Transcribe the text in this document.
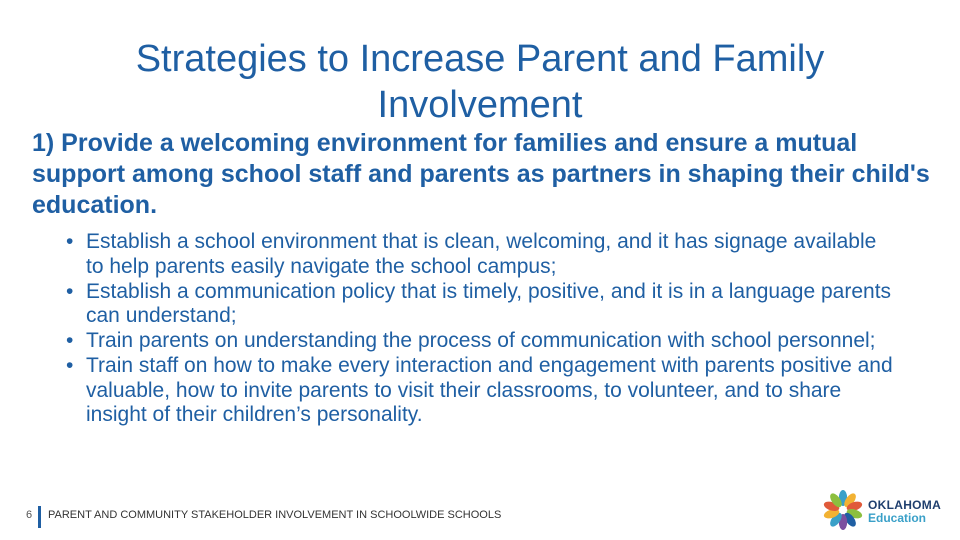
Strategies to Increase Parent and Family Involvement

1) Provide a welcoming environment for families and ensure a mutual support among school staff and parents as partners in shaping their child's education.

• Establish a school environment that is clean, welcoming, and it has signage available to help parents easily navigate the school campus;
• Establish a communication policy that is timely, positive, and it is in a language parents can understand;
• Train parents on understanding the process of communication with school personnel;
• Train staff on how to make every interaction and engagement with parents positive and valuable, how to invite parents to visit their classrooms, to volunteer, and to share insight of their children’s personality.
6 PARENT AND COMMUNITY STAKEHOLDER INVOLVEMENT IN SCHOOLWIDE SCHOOLS
OKLAHOMA
Education
